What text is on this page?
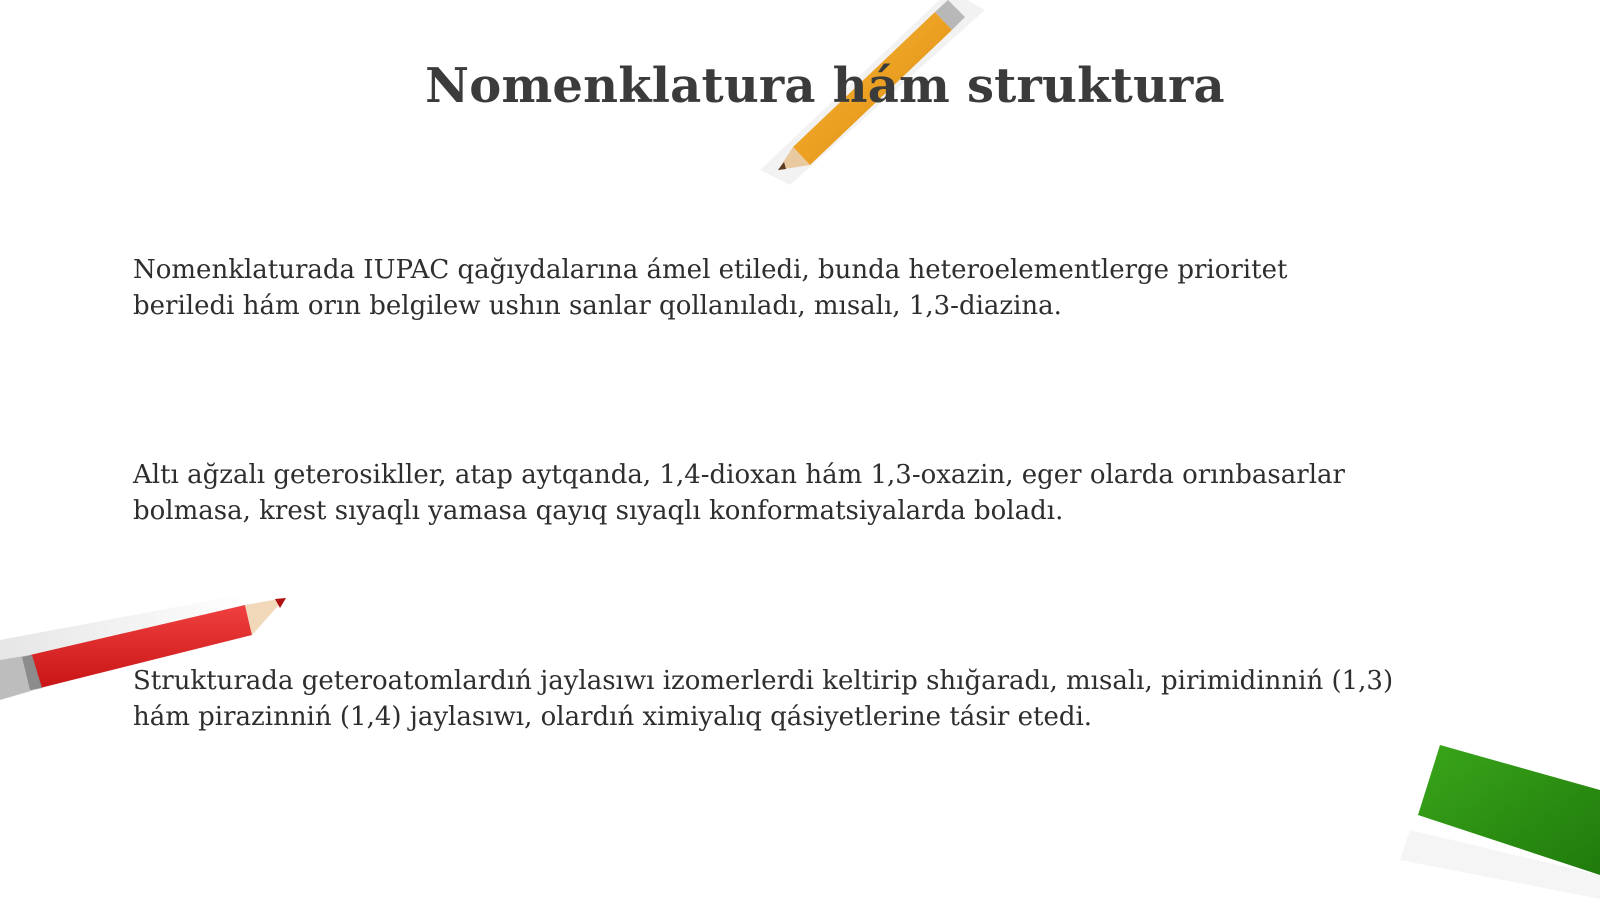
Nomenklatura hám struktura

Nomenklaturada IUPAC qağıydalarına ámel etiledi, bunda heteroelementlerge prioritet
beriledi hám orın belgilew ushın sanlar qollanıladı, mısalı, 1,3-diazina.

Altı ağzalı geterosikller, atap aytqanda, 1,4-dioxan hám 1,3-oxazin, eger olarda orınbasarlar
bolmasa, krest sıyaqlı yamasa qayıq sıyaqlı konformatsiyalarda boladı.

Strukturada geteroatomlardıń jaylasıwı izomerlerdi keltirip shığaradı, mısalı, pirimidinniń (1,3)
hám pirazinniń (1,4) jaylasıwı, olardıń ximiyalıq qásiyetlerine tásir etedi.
